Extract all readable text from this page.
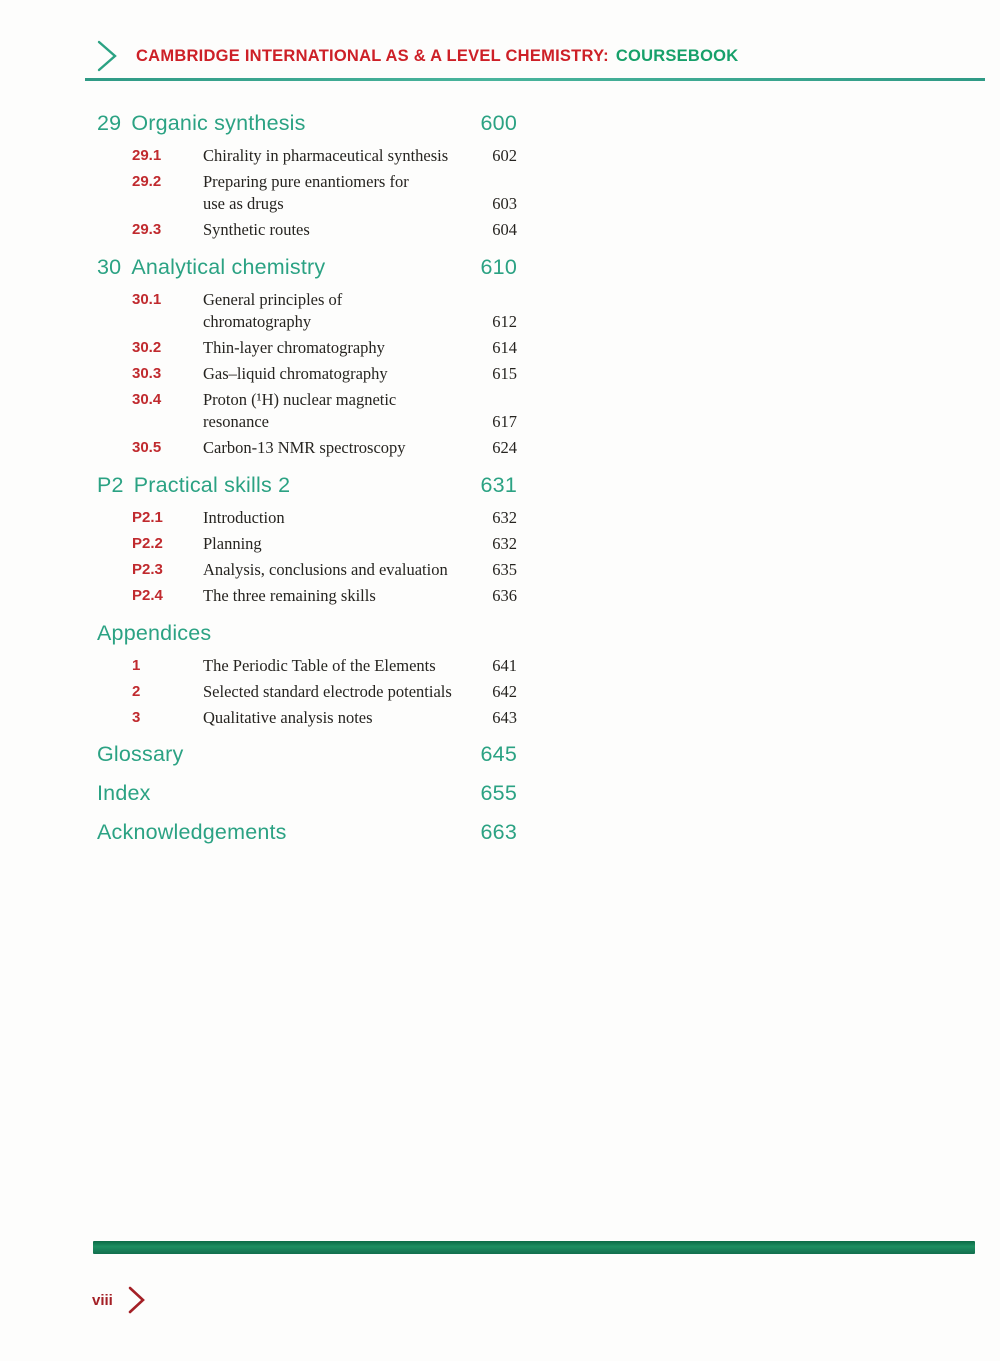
CAMBRIDGE INTERNATIONAL AS & A LEVEL CHEMISTRY: COURSEBOOK
29 Organic synthesis	600
29.1	Chirality in pharmaceutical synthesis	602
29.2	Preparing pure enantiomers for
use as drugs	603
29.3	Synthetic routes	604
30 Analytical chemistry	610
30.1	General principles of
chromatography	612
30.2	Thin-layer chromatography	614
30.3	Gas–liquid chromatography	615
30.4	Proton (¹H) nuclear magnetic
resonance	617
30.5	Carbon-13 NMR spectroscopy	624
P2 Practical skills 2	631
P2.1	Introduction	632
P2.2	Planning	632
P2.3	Analysis, conclusions and evaluation	635
P2.4	The three remaining skills	636
Appendices
1	The Periodic Table of the Elements	641
2	Selected standard electrode potentials	642
3	Qualitative analysis notes	643
Glossary	645
Index	655
Acknowledgements	663
viii
